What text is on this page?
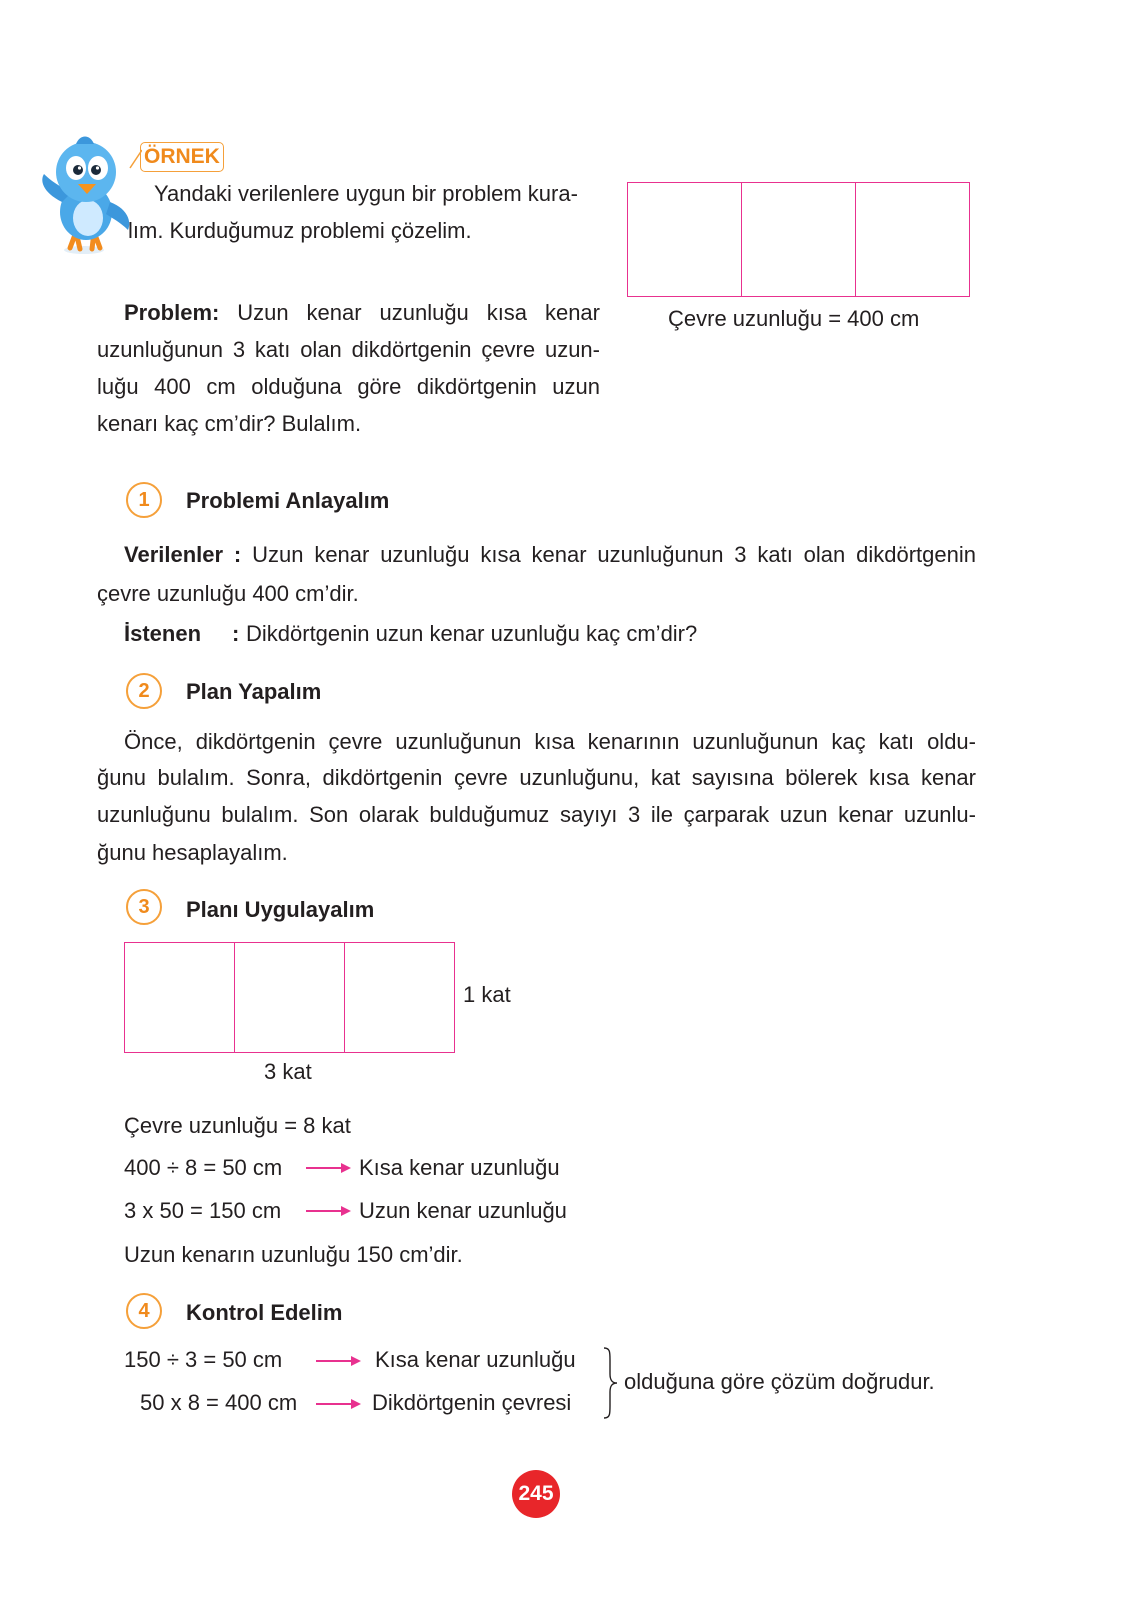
ÖRNEK
Yandaki verilenlere uygun bir problem kura-
lım. Kurduğumuz problemi çözelim.
Problem: Uzun kenar uzunluğu kısa kenar
uzunluğunun 3 katı olan dikdörtgenin çevre uzun-
luğu 400 cm olduğuna göre dikdörtgenin uzun
kenarı kaç cm’dir? Bulalım.
Çevre uzunluğu = 400 cm
1	Problemi Anlayalım
Verilenler : Uzun kenar uzunluğu kısa kenar uzunluğunun 3 katı olan dikdörtgenin
çevre uzunluğu 400 cm’dir.
İstenen : Dikdörtgenin uzun kenar uzunluğu kaç cm’dir?
2	Plan Yapalım
Önce, dikdörtgenin çevre uzunluğunun kısa kenarının uzunluğunun kaç katı oldu-
ğunu bulalım. Sonra, dikdörtgenin çevre uzunluğunu, kat sayısına bölerek kısa kenar
uzunluğunu bulalım. Son olarak bulduğumuz sayıyı 3 ile çarparak uzun kenar uzunlu-
ğunu hesaplayalım.
3	Planı Uygulayalım
1 kat
3 kat
Çevre uzunluğu = 8 kat
400 ÷ 8 = 50 cm	Kısa kenar uzunluğu
3 x 50 = 150 cm	Uzun kenar uzunluğu
Uzun kenarın uzunluğu 150 cm’dir.
4	Kontrol Edelim
150 ÷ 3 = 50 cm	Kısa kenar uzunluğu
50 x 8 = 400 cm	Dikdörtgenin çevresi
olduğuna göre çözüm doğrudur.
245
